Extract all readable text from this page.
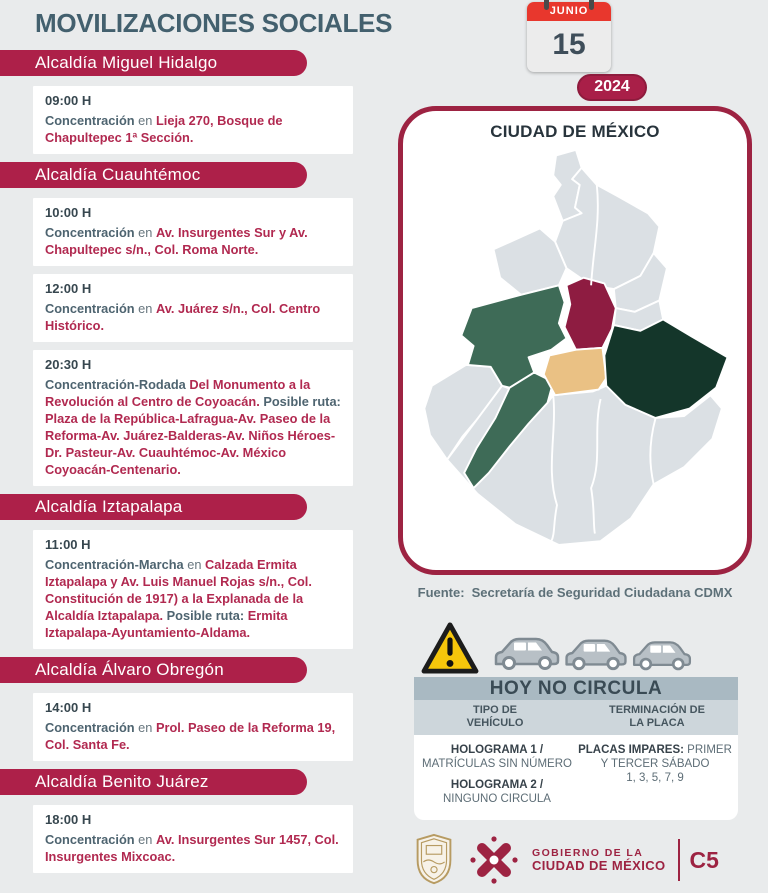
MOVILIZACIONES SOCIALES	JUNIO
15
2024
Alcaldía Miguel Hidalgo
09:00 H

Concentración en Lieja 270, Bosque de Chapultepec 1ª Sección.

Alcaldía Cuauhtémoc
10:00 H

Concentración en Av. Insurgentes Sur y Av. Chapultepec s/n., Col. Roma Norte.

12:00 H

Concentración en Av. Juárez s/n., Col. Centro Histórico.

20:30 H

Concentración-Rodada Del Monumento a la Revolución al Centro de Coyoacán. Posible ruta: Plaza de la República-Lafragua-Av. Paseo de la Reforma-Av. Juárez-Balderas-Av. Niños Héroes-Dr. Pasteur-Av. Cuauhtémoc-Av. México Coyoacán-Centenario.

Alcaldía Iztapalapa
11:00 H

Concentración-Marcha en Calzada Ermita Iztapalapa y Av. Luis Manuel Rojas s/n., Col. Constitución de 1917) a la Explanada de la Alcaldía Iztapalapa. Posible ruta: Ermita Iztapalapa-Ayuntamiento-Aldama.

Alcaldía Álvaro Obregón
14:00 H

Concentración en Prol. Paseo de la Reforma 19, Col. Santa Fe.

Alcaldía Benito Juárez
18:00 H

Concentración en Av. Insurgentes Sur 1457, Col. Insurgentes Mixcoac.

CIUDAD DE MÉXICO
Fuente: Secretaría de Seguridad Ciudadana CDMX
HOY NO CIRCULA
TIPO DE
VEHÍCULO
TERMINACIÓN DE
LA PLACA
HOLOGRAMA 1 /
MATRÍCULAS SIN NÚMERO
HOLOGRAMA 2 /
NINGUNO CIRCULA
PLACAS IMPARES: PRIMER Y TERCER SÁBADO
1, 3, 5, 7, 9
GOBIERNO DE LA
CIUDAD DE MÉXICO C5
